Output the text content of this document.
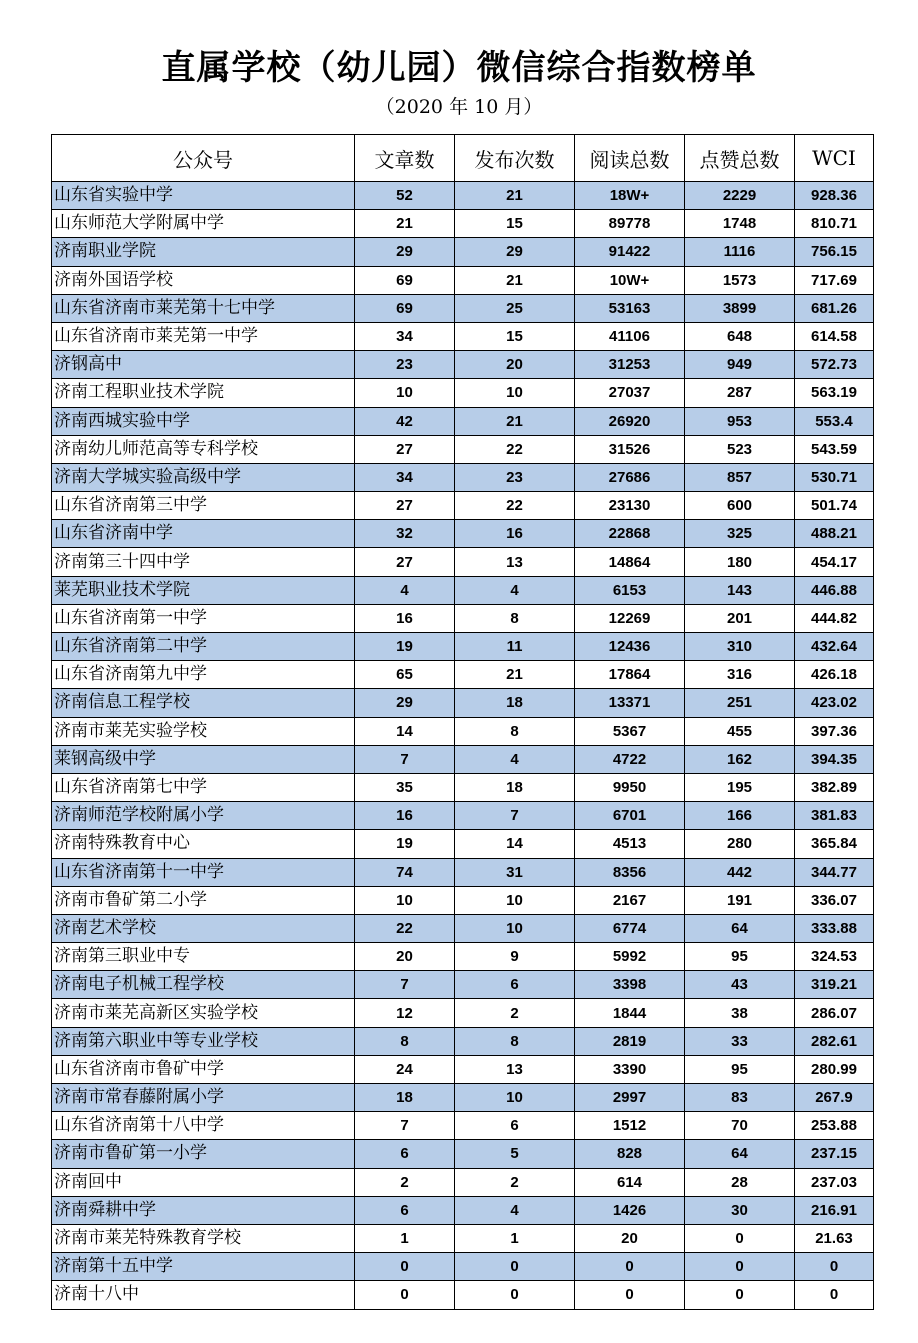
直属学校（幼儿园）微信综合指数榜单
（2020 年 10 月）
公众号	文章数	发布次数	阅读总数	点赞总数	WCI
山东省实验中学	52	21	18W+	2229	928.36
山东师范大学附属中学	21	15	89778	1748	810.71
济南职业学院	29	29	91422	1116	756.15
济南外国语学校	69	21	10W+	1573	717.69
山东省济南市莱芜第十七中学	69	25	53163	3899	681.26
山东省济南市莱芜第一中学	34	15	41106	648	614.58
济钢高中	23	20	31253	949	572.73
济南工程职业技术学院	10	10	27037	287	563.19
济南西城实验中学	42	21	26920	953	553.4
济南幼儿师范高等专科学校	27	22	31526	523	543.59
济南大学城实验高级中学	34	23	27686	857	530.71
山东省济南第三中学	27	22	23130	600	501.74
山东省济南中学	32	16	22868	325	488.21
济南第三十四中学	27	13	14864	180	454.17
莱芜职业技术学院	4	4	6153	143	446.88
山东省济南第一中学	16	8	12269	201	444.82
山东省济南第二中学	19	11	12436	310	432.64
山东省济南第九中学	65	21	17864	316	426.18
济南信息工程学校	29	18	13371	251	423.02
济南市莱芜实验学校	14	8	5367	455	397.36
莱钢高级中学	7	4	4722	162	394.35
山东省济南第七中学	35	18	9950	195	382.89
济南师范学校附属小学	16	7	6701	166	381.83
济南特殊教育中心	19	14	4513	280	365.84
山东省济南第十一中学	74	31	8356	442	344.77
济南市鲁矿第二小学	10	10	2167	191	336.07
济南艺术学校	22	10	6774	64	333.88
济南第三职业中专	20	9	5992	95	324.53
济南电子机械工程学校	7	6	3398	43	319.21
济南市莱芜高新区实验学校	12	2	1844	38	286.07
济南第六职业中等专业学校	8	8	2819	33	282.61
山东省济南市鲁矿中学	24	13	3390	95	280.99
济南市常春藤附属小学	18	10	2997	83	267.9
山东省济南第十八中学	7	6	1512	70	253.88
济南市鲁矿第一小学	6	5	828	64	237.15
济南回中	2	2	614	28	237.03
济南舜耕中学	6	4	1426	30	216.91
济南市莱芜特殊教育学校	1	1	20	0	21.63
济南第十五中学	0	0	0	0	0
济南十八中	0	0	0	0	0
